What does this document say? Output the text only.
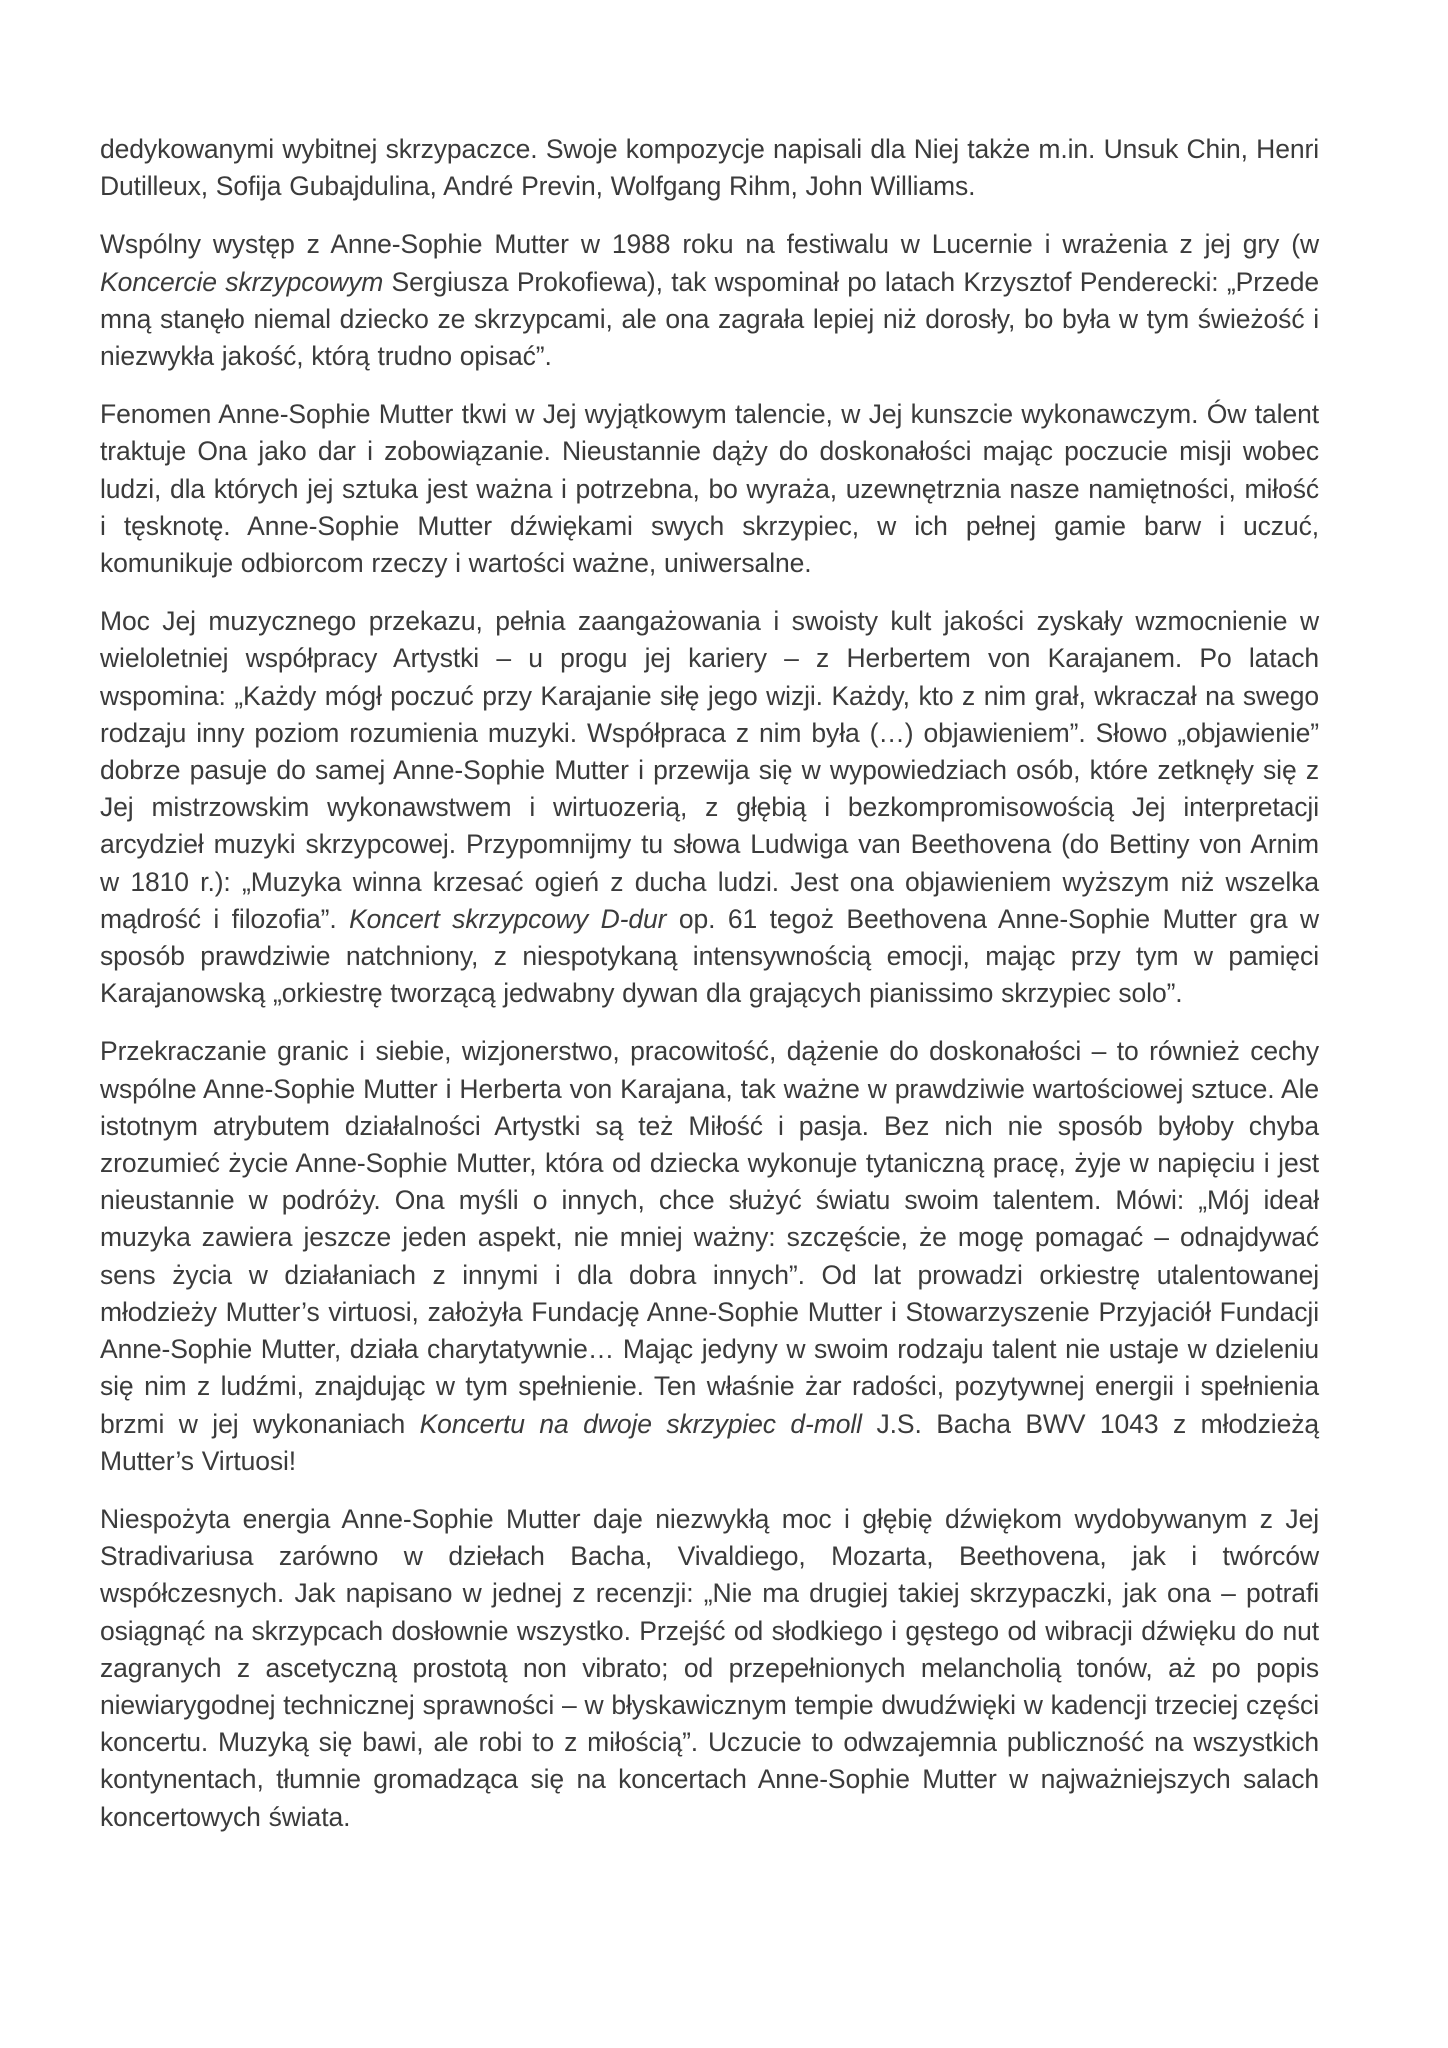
dedykowanymi wybitnej skrzypaczce. Swoje kompozycje napisali dla Niej także m.in. Unsuk Chin, Henri Dutilleux, Sofija Gubajdulina, André Previn, Wolfgang Rihm, John Williams.

Wspólny występ z Anne-Sophie Mutter w 1988 roku na festiwalu w Lucernie i wrażenia z jej gry (w Koncercie skrzypcowym Sergiusza Prokofiewa), tak wspominał po latach Krzysztof Penderecki: „Przede mną stanęło niemal dziecko ze skrzypcami, ale ona zagrała lepiej niż dorosły, bo była w tym świeżość i niezwykła jakość, którą trudno opisać”.

Fenomen Anne-Sophie Mutter tkwi w Jej wyjątkowym talencie, w Jej kunszcie wykonawczym. Ów talent traktuje Ona jako dar i zobowiązanie. Nieustannie dąży do doskonałości mając poczucie misji wobec ludzi, dla których jej sztuka jest ważna i potrzebna, bo wyraża, uzewnętrznia nasze namiętności, miłość i tęsknotę. Anne-Sophie Mutter dźwiękami swych skrzypiec, w ich pełnej gamie barw i uczuć, komunikuje odbiorcom rzeczy i wartości ważne, uniwersalne.

Moc Jej muzycznego przekazu, pełnia zaangażowania i swoisty kult jakości zyskały wzmocnienie w wieloletniej współpracy Artystki – u progu jej kariery – z Herbertem von Karajanem. Po latach wspomina: „Każdy mógł poczuć przy Karajanie siłę jego wizji. Każdy, kto z nim grał, wkraczał na swego rodzaju inny poziom rozumienia muzyki. Współpraca z nim była (…) objawieniem”. Słowo „objawienie” dobrze pasuje do samej Anne-Sophie Mutter i przewija się w wypowiedziach osób, które zetknęły się z Jej mistrzowskim wykonawstwem i wirtuozerią, z głębią i bezkompromisowością Jej interpretacji arcydzieł muzyki skrzypcowej. Przypomnijmy tu słowa Ludwiga van Beethovena (do Bettiny von Arnim w 1810 r.): „Muzyka winna krzesać ogień z ducha ludzi. Jest ona objawieniem wyższym niż wszelka mądrość i filozofia”. Koncert skrzypcowy D-dur op. 61 tegoż Beethovena Anne-Sophie Mutter gra w sposób prawdziwie natchniony, z niespotykaną intensywnością emocji, mając przy tym w pamięci Karajanowską „orkiestrę tworzącą jedwabny dywan dla grających pianissimo skrzypiec solo”.

Przekraczanie granic i siebie, wizjonerstwo, pracowitość, dążenie do doskonałości – to również cechy wspólne Anne-Sophie Mutter i Herberta von Karajana, tak ważne w prawdziwie wartościowej sztuce. Ale istotnym atrybutem działalności Artystki są też Miłość i pasja. Bez nich nie sposób byłoby chyba zrozumieć życie Anne-Sophie Mutter, która od dziecka wykonuje tytaniczną pracę, żyje w napięciu i jest nieustannie w podróży. Ona myśli o innych, chce służyć światu swoim talentem. Mówi: „Mój ideał muzyka zawiera jeszcze jeden aspekt, nie mniej ważny: szczęście, że mogę pomagać – odnajdywać sens życia w działaniach z innymi i dla dobra innych”. Od lat prowadzi orkiestrę utalentowanej młodzieży Mutter’s virtuosi, założyła Fundację Anne-Sophie Mutter i Stowarzyszenie Przyjaciół Fundacji Anne-Sophie Mutter, działa charytatywnie… Mając jedyny w swoim rodzaju talent nie ustaje w dzieleniu się nim z ludźmi, znajdując w tym spełnienie. Ten właśnie żar radości, pozytywnej energii i spełnienia brzmi w jej wykonaniach Koncertu na dwoje skrzypiec d-moll J.S. Bacha BWV 1043 z młodzieżą Mutter’s Virtuosi!

Niespożyta energia Anne-Sophie Mutter daje niezwykłą moc i głębię dźwiękom wydobywanym z Jej Stradivariusa zarówno w dziełach Bacha, Vivaldiego, Mozarta, Beethovena, jak i twórców współczesnych. Jak napisano w jednej z recenzji: „Nie ma drugiej takiej skrzypaczki, jak ona – potrafi osiągnąć na skrzypcach dosłownie wszystko. Przejść od słodkiego i gęstego od wibracji dźwięku do nut zagranych z ascetyczną prostotą non vibrato; od przepełnionych melancholią tonów, aż po popis niewiarygodnej technicznej sprawności – w błyskawicznym tempie dwudźwięki w kadencji trzeciej części koncertu. Muzyką się bawi, ale robi to z miłością”. Uczucie to odwzajemnia publiczność na wszystkich kontynentach, tłumnie gromadząca się na koncertach Anne-Sophie Mutter w najważniejszych salach koncertowych świata.
